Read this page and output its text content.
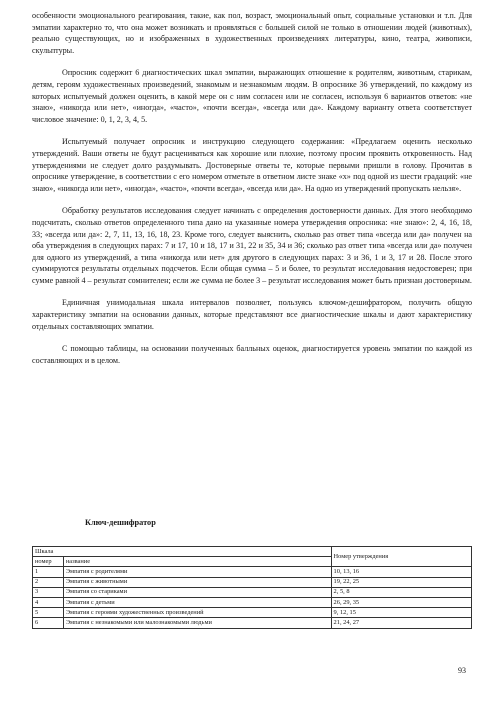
особенности эмоционального реагирования, такие, как пол, возраст, эмоциональный опыт, социальные установки и т.п. Для эмпатии характерно то, что она может возникать и проявляться с большей силой не только в отношении людей (животных), реально существующих, но и изображенных в художественных произведениях литературы, кино, театра, живописи, скульптуры.

Опросник содержит 6 диагностических шкал эмпатии, выражающих отношение к родителям, животным, старикам, детям, героям художественных произведений, знакомым и незнакомым людям. В опроснике 36 утверждений, по каждому из которых испытуемый должен оценить, в какой мере он с ним согласен или не согласен, используя 6 вариантов ответов: «не знаю», «никогда или нет», «иногда», «часто», «почти всегда», «всегда или да». Каждому варианту ответа соответствует числовое значение: 0, 1, 2, 3, 4, 5.

Испытуемый получает опросник и инструкцию следующего содержания: «Предлагаем оценить несколько утверждений. Ваши ответы не будут расцениваться как хорошие или плохие, поэтому просим проявить откровенность. Над утверждениями не следует долго раздумывать. Достоверные ответы те, которые первыми пришли в голову. Прочитав в опроснике утверждение, в соответствии с его номером отметьте в ответном листе знаке «х» под одной из шести градаций: «не знаю», «никогда или нет», «иногда», «часто», «почти всегда», «всегда или да». На одно из утверждений пропускать нельзя».

Обработку результатов исследования следует начинать с определения достоверности данных. Для этого необходимо подсчитать, сколько ответов определенного типа дано на указанные номера утверждения опросника: «не знаю»: 2, 4, 16, 18, 33; «всегда или да»: 2, 7, 11, 13, 16, 18, 23. Кроме того, следует выяснить, сколько раз ответ типа «всегда или да» получен на оба утверждения в следующих парах: 7 и 17, 10 и 18, 17 и 31, 22 и 35, 34 и 36; сколько раз ответ типа «всегда или да» получен для одного из утверждений, а типа «никогда или нет» для другого в следующих парах: 3 и 36, 1 и 3, 17 и 28. После этого суммируются результаты отдельных подсчетов. Если общая сумма – 5 и более, то результат исследования недостоверен; при сумме равной 4 – результат сомнителен; если же сумма не более 3 – результат исследования может быть признан достоверным.

Единичная унимодальная шкала интервалов позволяет, пользуясь ключом-дешифратором, получить общую характеристику эмпатии на основании данных, которые представляют все диагностические шкалы и дают характеристику отдельных составляющих эмпатии.

С помощью таблицы, на основании полученных балльных оценок, диагностируется уровень эмпатии по каждой из составляющих и в целом.

Ключ-дешифратор

Шкала		Номер утверждения
номер	название	
1	Эмпатия с родителями	10, 13, 16
2	Эмпатия с животными	19, 22, 25
3	Эмпатия со стариками	2, 5, 8
4	Эмпатия с детьми	26, 29, 35
5	Эмпатия с героями художественных произведений	9, 12, 15
6	Эмпатия с незнакомыми или малознакомыми людьми	21, 24, 27
93
